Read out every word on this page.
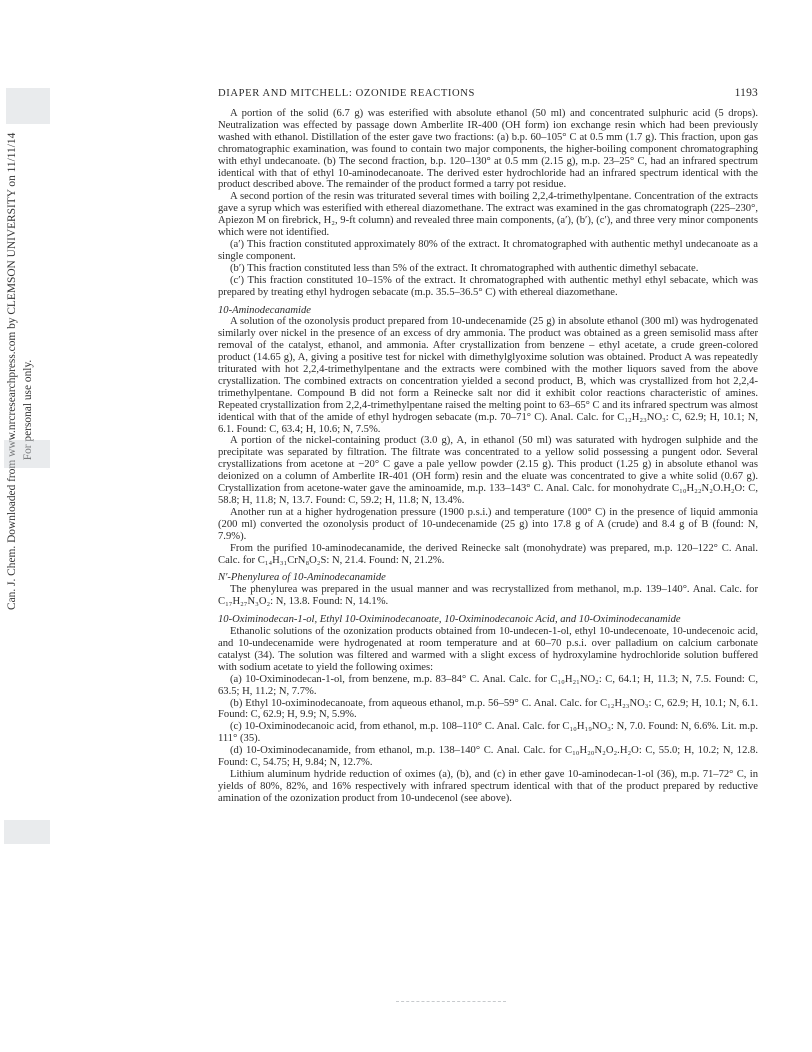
Can. J. Chem. Downloaded from www.nrcresearchpress.com by CLEMSON UNIVERSITY on 11/11/14 For personal use only.
DIAPER AND MITCHELL: OZONIDE REACTIONS	1193

A portion of the solid (6.7 g) was esterified with absolute ethanol (50 ml) and concentrated sulphuric acid (5 drops). Neutralization was effected by passage down Amberlite IR-400 (OH form) ion exchange resin which had been previously washed with ethanol. Distillation of the ester gave two fractions: (a) b.p. 60–105° C at 0.5 mm (1.7 g). This fraction, upon gas chromatographic examination, was found to contain two major components, the higher-boiling component chromatographing with ethyl undecanoate. (b) The second fraction, b.p. 120–130° at 0.5 mm (2.15 g), m.p. 23–25° C, had an infrared spectrum identical with that of ethyl 10-aminodecanoate. The derived ester hydrochloride had an infrared spectrum identical with the product described above. The remainder of the product formed a tarry pot residue.

A second portion of the resin was triturated several times with boiling 2,2,4-trimethylpentane. Concentration of the extracts gave a syrup which was esterified with ethereal diazomethane. The extract was examined in the gas chromatograph (225–230°, Apiezon M on firebrick, H₂, 9-ft column) and revealed three main components, (a′), (b′), (c′), and three very minor components which were not identified.

(a′) This fraction constituted approximately 80% of the extract. It chromatographed with authentic methyl undecanoate as a single component.

(b′) This fraction constituted less than 5% of the extract. It chromatographed with authentic dimethyl sebacate.

(c′) This fraction constituted 10–15% of the extract. It chromatographed with authentic methyl ethyl sebacate, which was prepared by treating ethyl hydrogen sebacate (m.p. 35.5–36.5° C) with ethereal diazomethane.

10-Aminodecanamide

A solution of the ozonolysis product prepared from 10-undecenamide (25 g) in absolute ethanol (300 ml) was hydrogenated similarly over nickel in the presence of an excess of dry ammonia. The product was obtained as a green semisolid mass after removal of the catalyst, ethanol, and ammonia. After crystallization from benzene – ethyl acetate, a crude green-colored product (14.65 g), A, giving a positive test for nickel with dimethylglyoxime solution was obtained. Product A was repeatedly triturated with hot 2,2,4-trimethylpentane and the extracts were combined with the mother liquors saved from the above crystallization. The combined extracts on concentration yielded a second product, B, which was crystallized from hot 2,2,4-trimethylpentane. Compound B did not form a Reinecke salt nor did it exhibit color reactions characteristic of amines. Repeated crystallization from 2,2,4-trimethylpentane raised the melting point to 63–65° C and its infrared spectrum was almost identical with that of the amide of ethyl hydrogen sebacate (m.p. 70–71° C). Anal. Calc. for C₁₂H₂₃NO₃: C, 62.9; H, 10.1; N, 6.1. Found: C, 63.4; H, 10.6; N, 7.5%.

A portion of the nickel-containing product (3.0 g), A, in ethanol (50 ml) was saturated with hydrogen sulphide and the precipitate was separated by filtration. The filtrate was concentrated to a yellow solid possessing a pungent odor. Several crystallizations from acetone at −20° C gave a pale yellow powder (2.15 g). This product (1.25 g) in absolute ethanol was deionized on a column of Amberlite IR-401 (OH form) resin and the eluate was concentrated to give a white solid (0.67 g). Crystallization from acetone-water gave the aminoamide, m.p. 133–143° C. Anal. Calc. for monohydrate C₁₀H₂₂N₂O.H₂O: C, 58.8; H, 11.8; N, 13.7. Found: C, 59.2; H, 11.8; N, 13.4%.

Another run at a higher hydrogenation pressure (1900 p.s.i.) and temperature (100° C) in the presence of liquid ammonia (200 ml) converted the ozonolysis product of 10-undecenamide (25 g) into 17.8 g of A (crude) and 8.4 g of B (found: N, 7.9%).

From the purified 10-aminodecanamide, the derived Reinecke salt (monohydrate) was prepared, m.p. 120–122° C. Anal. Calc. for C₁₄H₃₁CrN₈O₂S: N, 21.4. Found: N, 21.2%.

N′-Phenylurea of 10-Aminodecanamide

The phenylurea was prepared in the usual manner and was recrystallized from methanol, m.p. 139–140°. Anal. Calc. for C₁₇H₂₇N₃O₂: N, 13.8. Found: N, 14.1%.

10-Oximinodecan-1-ol, Ethyl 10-Oximinodecanoate, 10-Oximinodecanoic Acid, and 10-Oximinodecanamide

Ethanolic solutions of the ozonization products obtained from 10-undecen-1-ol, ethyl 10-undecenoate, 10-undecenoic acid, and 10-undecenamide were hydrogenated at room temperature and at 60–70 p.s.i. over palladium on calcium carbonate catalyst (34). The solution was filtered and warmed with a slight excess of hydroxylamine hydrochloride solution buffered with sodium acetate to yield the following oximes:

(a) 10-Oximinodecan-1-ol, from benzene, m.p. 83–84° C. Anal. Calc. for C₁₀H₂₁NO₂: C, 64.1; H, 11.3; N, 7.5. Found: C, 63.5; H, 11.2; N, 7.7%.

(b) Ethyl 10-oximinodecanoate, from aqueous ethanol, m.p. 56–59° C. Anal. Calc. for C₁₂H₂₃NO₃: C, 62.9; H, 10.1; N, 6.1. Found: C, 62.9; H, 9.9; N, 5.9%.

(c) 10-Oximinodecanoic acid, from ethanol, m.p. 108–110° C. Anal. Calc. for C₁₀H₁₉NO₃: N, 7.0. Found: N, 6.6%. Lit. m.p. 111° (35).

(d) 10-Oximinodecanamide, from ethanol, m.p. 138–140° C. Anal. Calc. for C₁₀H₂₀N₂O₂.H₂O: C, 55.0; H, 10.2; N, 12.8. Found: C, 54.75; H, 9.84; N, 12.7%.

Lithium aluminum hydride reduction of oximes (a), (b), and (c) in ether gave 10-aminodecan-1-ol (36), m.p. 71–72° C, in yields of 80%, 82%, and 16% respectively with infrared spectrum identical with that of the product prepared by reductive amination of the ozonization product from 10-undecenol (see above).
